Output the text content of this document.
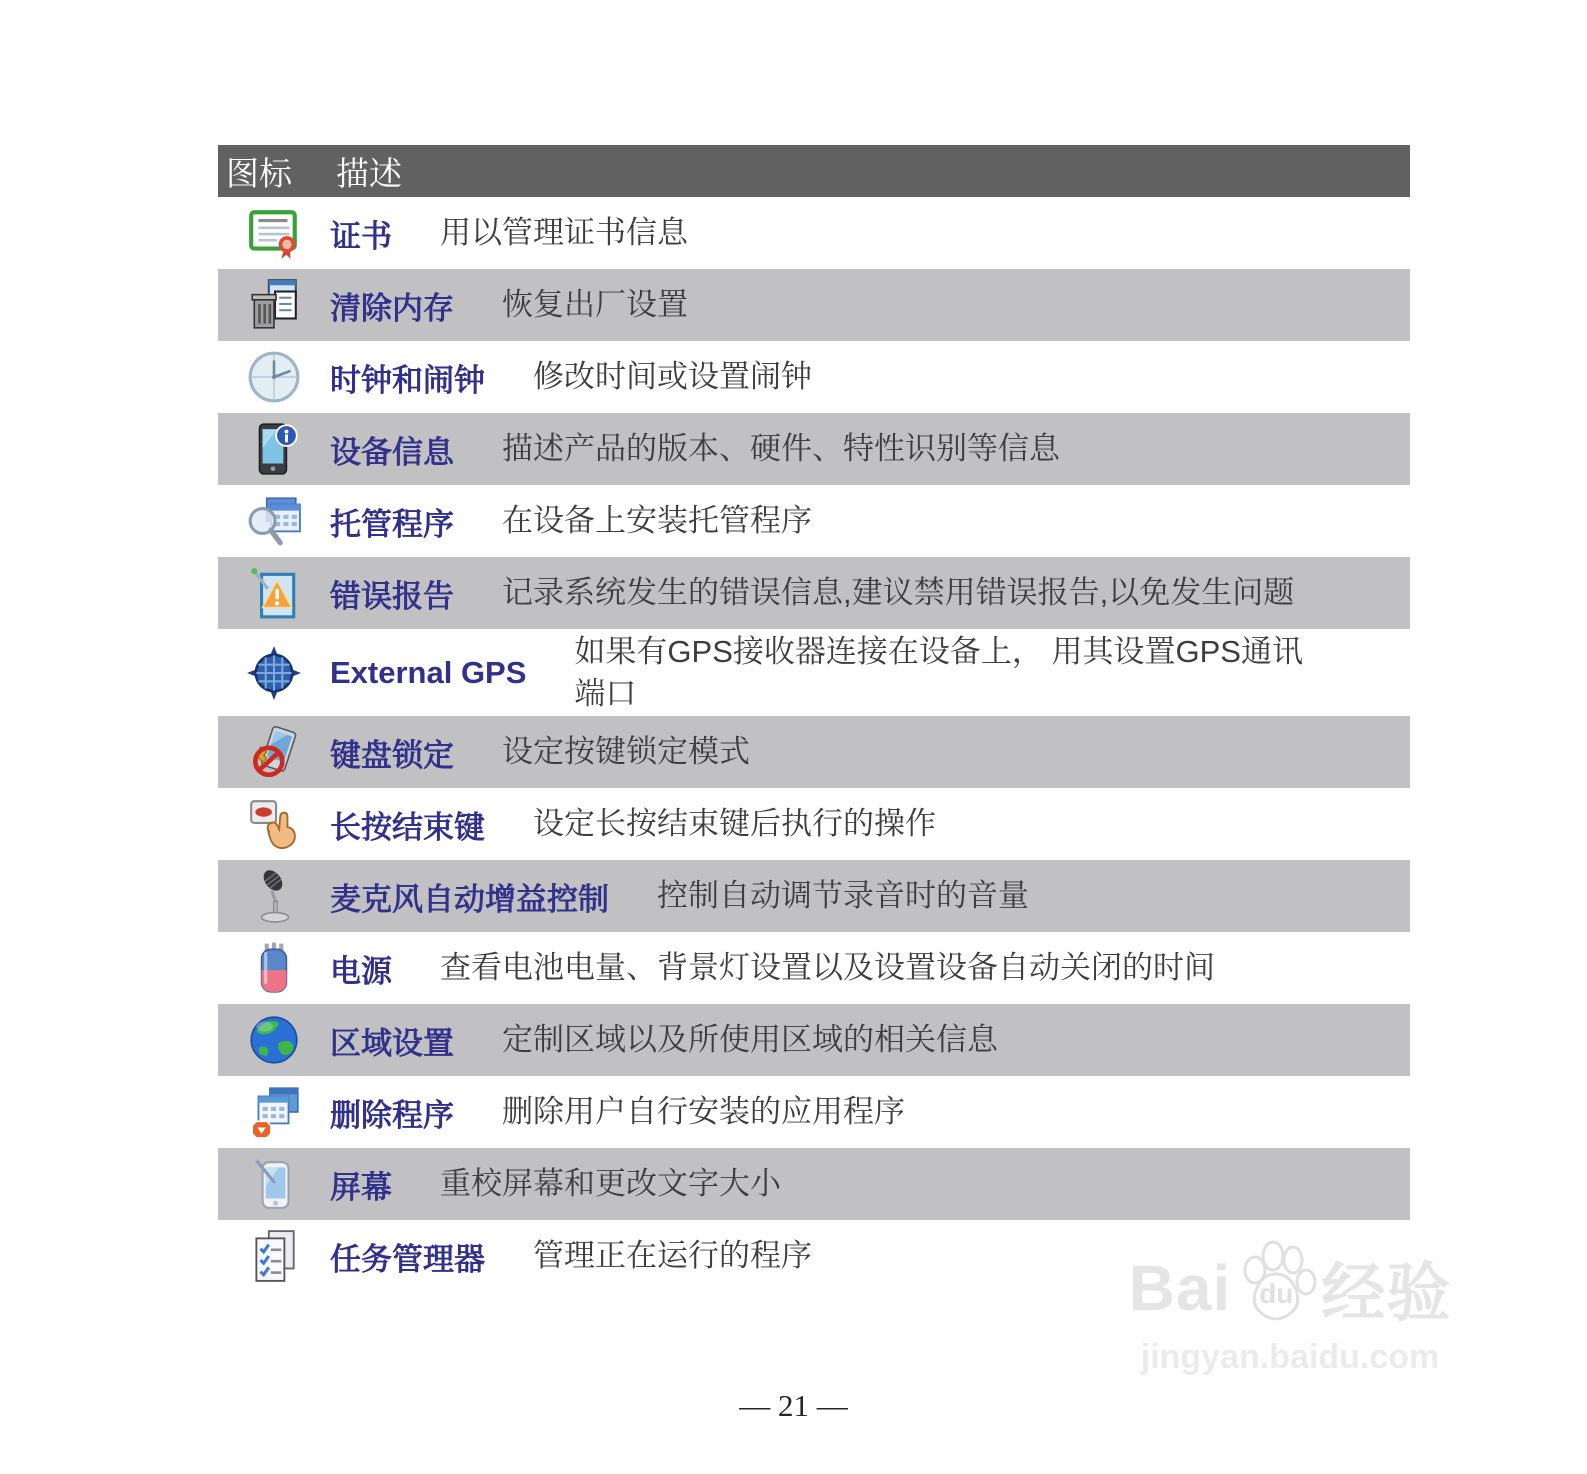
图标	描述
证书 用以管理证书信息
清除内存 恢复出厂设置
时钟和闹钟 修改时间或设置闹钟
设备信息 描述产品的版本、硬件、特性识别等信息
托管程序 在设备上安装托管程序
错误报告 记录系统发生的错误信息,建议禁用错误报告,以免发生问题
External GPS
如果有GPS接收器连接在设备上， 用其设置GPS通讯
端口
键盘锁定 设定按键锁定模式
长按结束键 设定长按结束键后执行的操作
麦克风自动增益控制 控制自动调节录音时的音量
电源 查看电池电量、背景灯设置以及设置设备自动关闭的时间
区域设置 定制区域以及所使用区域的相关信息
删除程序 删除用户自行安装的应用程序
屏幕 重校屏幕和更改文字大小
任务管理器 管理正在运行的程序
— 21 —
Bai du 经验
jingyan.baidu.com
